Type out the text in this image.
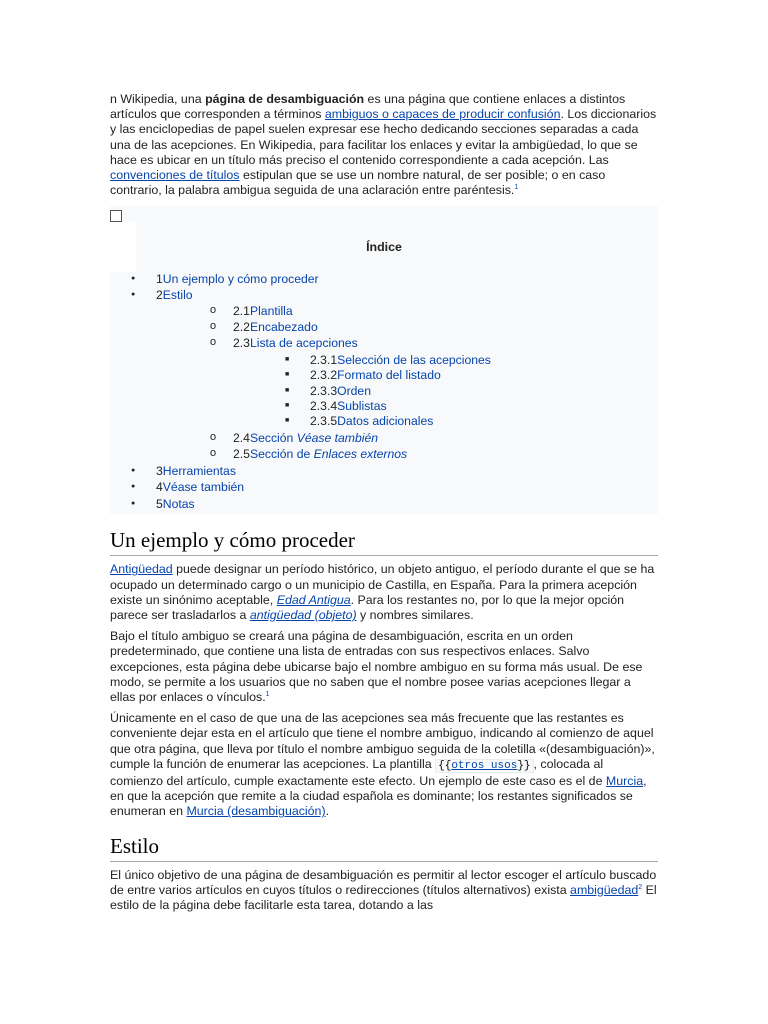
n Wikipedia, una página de desambiguación es una página que contiene enlaces a distintos artículos que corresponden a términos ambiguos o capaces de producir confusión. Los diccionarios y las enciclopedias de papel suelen expresar ese hecho dedicando secciones separadas a cada una de las acepciones. En Wikipedia, para facilitar los enlaces y evitar la ambigüedad, lo que se hace es ubicar en un título más preciso el contenido correspondiente a cada acepción. Las convenciones de títulos estipulan que se use un nombre natural, de ser posible; o en caso contrario, la palabra ambigua seguida de una aclaración entre paréntesis.$^1$

Índice
● 1Un ejemplo y cómo proceder
● 2Estilo
o 2.1Plantilla
o 2.2Encabezado
o 2.3Lista de acepciones
■ 2.3.1Selección de las acepciones
■ 2.3.2Formato del listado
■ 2.3.3Orden
■ 2.3.4Sublistas
■ 2.3.5Datos adicionales
o 2.4Sección Véase también
o 2.5Sección de Enlaces externos
● 3Herramientas
● 4Véase también
● 5Notas
Un ejemplo y cómo proceder

Antigüedad puede designar un período histórico, un objeto antiguo, el período durante el que se ha ocupado un determinado cargo o un municipio de Castilla, en España. Para la primera acepción existe un sinónimo aceptable, Edad Antigua. Para los restantes no, por lo que la mejor opción parece ser trasladarlos a antigüedad (objeto) y nombres similares.

Bajo el título ambiguo se creará una página de desambiguación, escrita en un orden predeterminado, que contiene una lista de entradas con sus respectivos enlaces. Salvo excepciones, esta página debe ubicarse bajo el nombre ambiguo en su forma más usual. De ese modo, se permite a los usuarios que no saben que el nombre posee varias acepciones llegar a ellas por enlaces o vínculos.$^1$

Únicamente en el caso de que una de las acepciones sea más frecuente que las restantes es conveniente dejar esta en el artículo que tiene el nombre ambiguo, indicando al comienzo de aquel que otra página, que lleva por título el nombre ambiguo seguida de la coletilla «(desambiguación)», cumple la función de enumerar las acepciones. La plantilla {{otros usos}} , colocada al comienzo del artículo, cumple exactamente este efecto. Un ejemplo de este caso es el de Murcia, en que la acepción que remite a la ciudad española es dominante; los restantes significados se enumeran en Murcia (desambiguación).

Estilo

El único objetivo de una página de desambiguación es permitir al lector escoger el artículo buscado de entre varios artículos en cuyos títulos o redirecciones (títulos alternativos) exista ambigüedad$^2$ El estilo de la página debe facilitarle esta tarea, dotando a las
